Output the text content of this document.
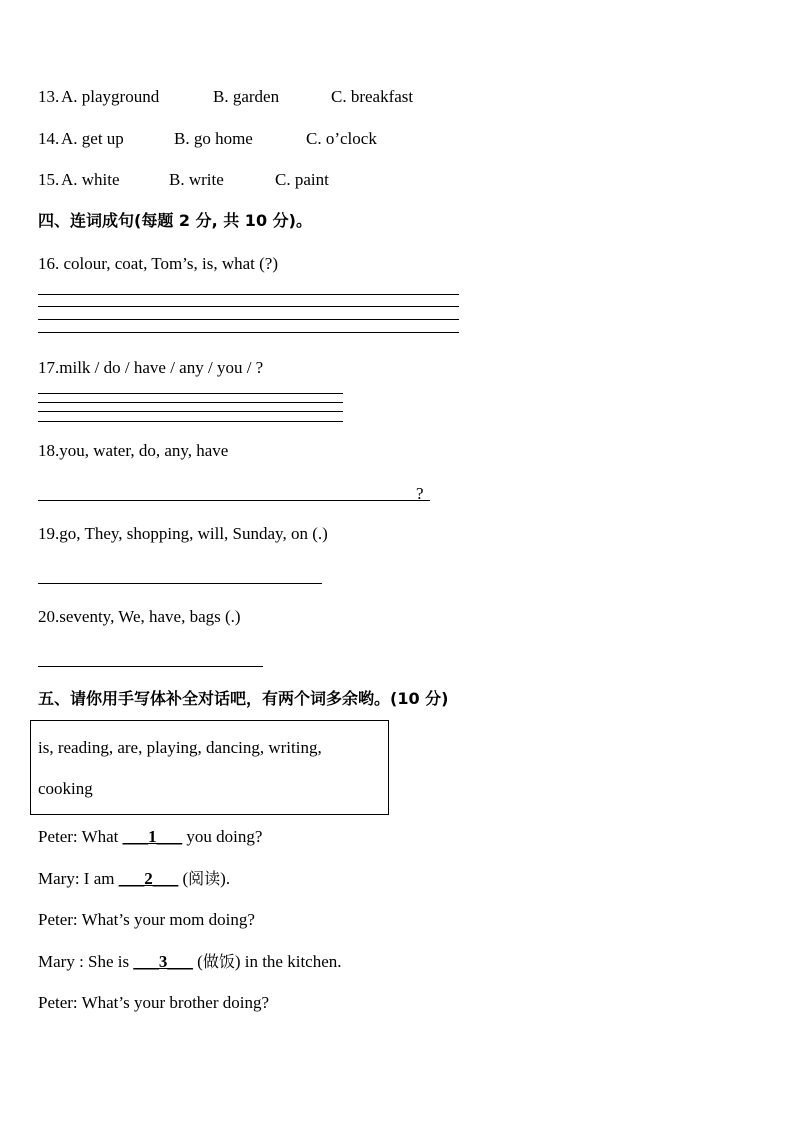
13. A. playground	B. garden	C. breakfast
14. A. get up	B. go home	C. o’clock
15. A. white	B. write	C. paint
四、连词成句(每题 2 分, 共 10 分)。
16. colour, coat, Tom’s, is, what (?)
17.milk / do / have / any / you / ?
18.you, water, do, any, have
?
19.go, They, shopping, will, Sunday, on (.)
20.seventy, We, have, bags (.)
五、请你用手写体补全对话吧，有两个词多余哟。(10 分)
is, reading, are, playing, dancing, writing,
cooking
Peter: What ___1___ you doing?
Mary: I am ___2___ (阅读).
Peter: What’s your mom doing?
Mary : She is ___3___ (做饭) in the kitchen.
Peter: What’s your brother doing?
